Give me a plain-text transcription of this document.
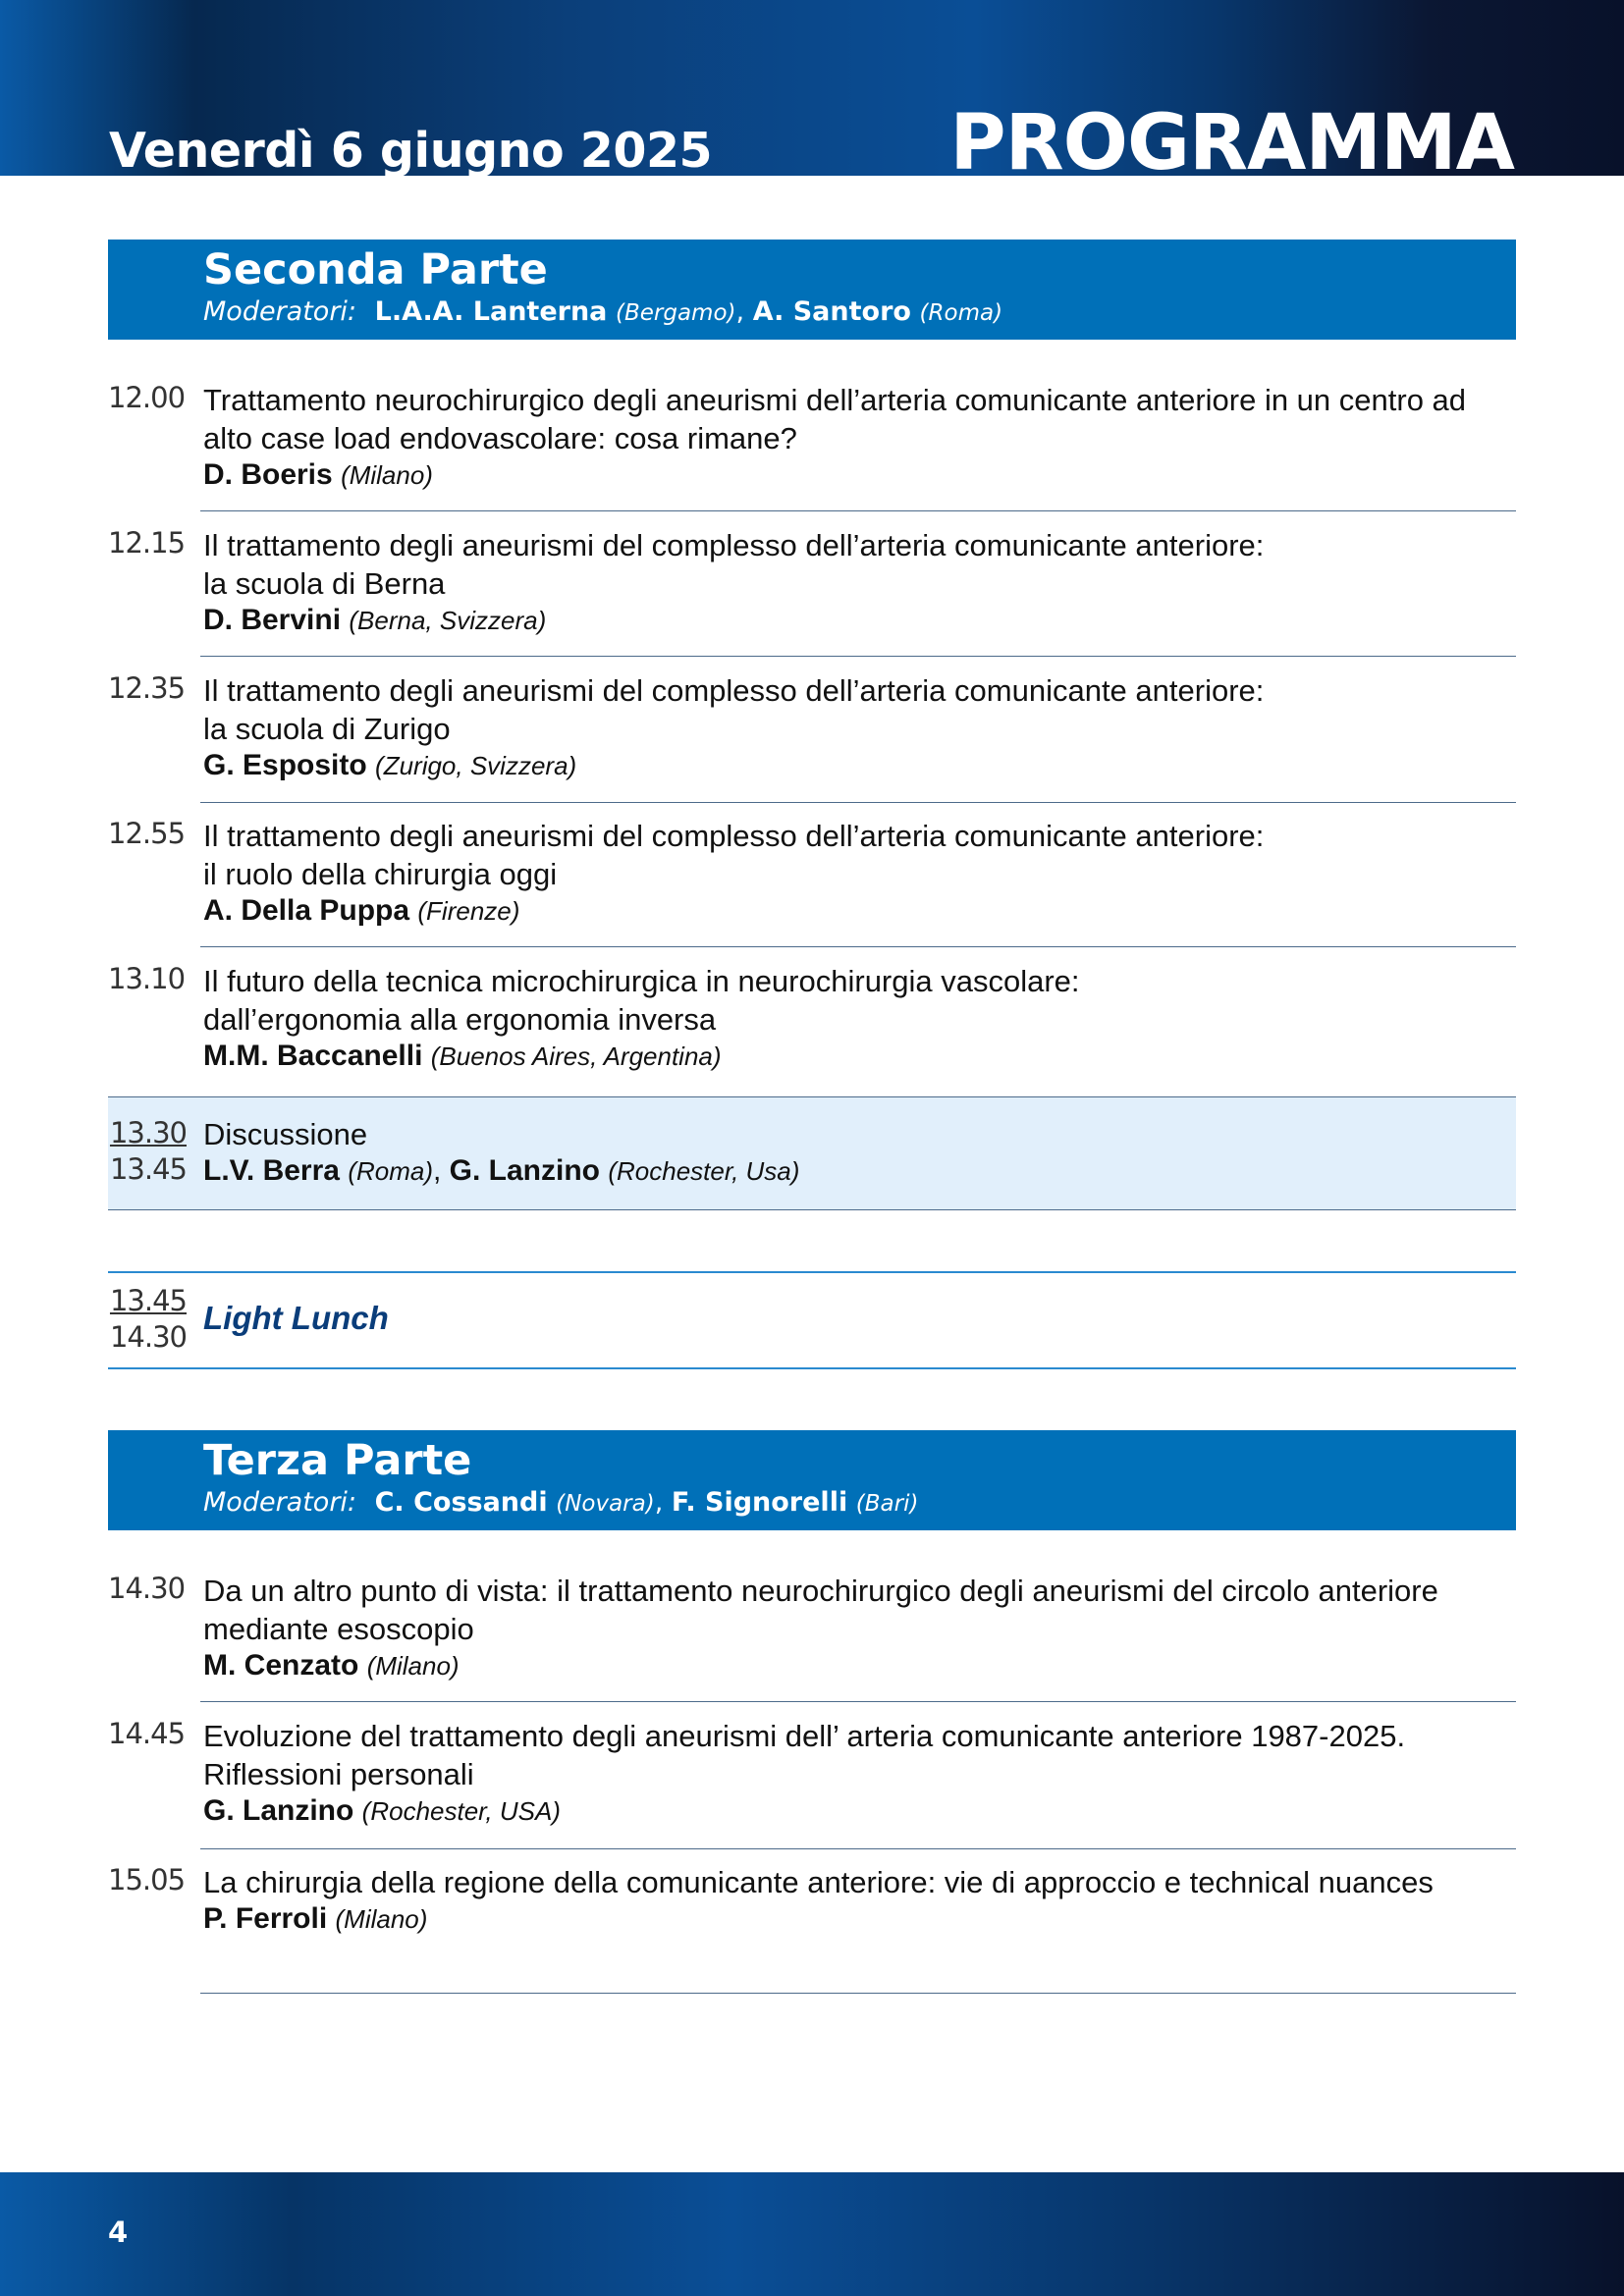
Venerdì 6 giugno 2025	PROGRAMMA
Seconda Parte
Moderatori: L.A.A. Lanterna (Bergamo), A. Santoro (Roma)
12.00 Trattamento neurochirurgico degli aneurismi dell’arteria comunicante anteriore in un centro ad alto case load endovascolare: cosa rimane?

D. Boeris (Milano)

12.15 Il trattamento degli aneurismi del complesso dell’arteria comunicante anteriore:

la scuola di Berna

D. Bervini (Berna, Svizzera)

12.35 Il trattamento degli aneurismi del complesso dell’arteria comunicante anteriore:

la scuola di Zurigo

G. Esposito (Zurigo, Svizzera)

12.55 Il trattamento degli aneurismi del complesso dell’arteria comunicante anteriore:

il ruolo della chirurgia oggi

A. Della Puppa (Firenze)

13.10 Il futuro della tecnica microchirurgica in neurochirurgia vascolare:

dall’ergonomia alla ergonomia inversa

M.M. Baccanelli (Buenos Aires, Argentina)

13.30
13.45

Discussione

L.V. Berra (Roma), G. Lanzino (Rochester, Usa)

13.45
14.30

Light Lunch

Terza Parte
Moderatori: C. Cossandi (Novara), F. Signorelli (Bari)
14.30 Da un altro punto di vista: il trattamento neurochirurgico degli aneurismi del circolo anteriore mediante esoscopio

M. Cenzato (Milano)

14.45 Evoluzione del trattamento degli aneurismi dell’ arteria comunicante anteriore 1987-2025.

Riflessioni personali

G. Lanzino (Rochester, USA)

15.05 La chirurgia della regione della comunicante anteriore: vie di approccio e technical nuances

P. Ferroli (Milano)

4
